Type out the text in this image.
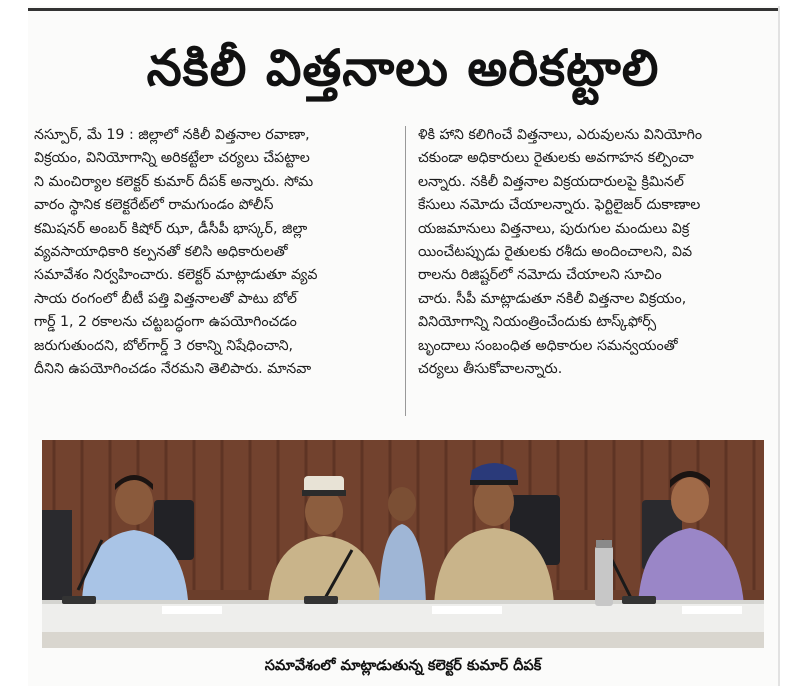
నకిలీ విత్తనాలు అరికట్టాలి
నస్పూర్, మే 19 : జిల్లాలో నకిలీ విత్తనాల రవాణా,
విక్రయం, వినియోగాన్ని అరికట్టేలా చర్యలు చేపట్టాల
ని మంచిర్యాల కలెక్టర్ కుమార్ దీపక్ అన్నారు. సోమ
వారం స్థానిక కలెక్టరేట్‌లో రామగుండం పోలీస్
కమిషనర్ అంబర్ కిషోర్ ఝా, డీసీపీ భాస్కర్, జిల్లా
వ్యవసాయాధికారి కల్పనతో కలిసి అధికారులతో
సమావేశం నిర్వహించారు. కలెక్టర్ మాట్లాడుతూ వ్యవ
సాయ రంగంలో బీటీ పత్తి విత్తనాలతో పాటు బోల్
గార్డ్ 1, 2 రకాలను చట్టబద్ధంగా ఉపయోగించడం
జరుగుతుందని, బోల్‌గార్డ్ 3 రకాన్ని నిషేధించాని,
దీనిని ఉపయోగించడం నేరమని తెలిపారు. మానవా
ళికి హాని కలిగించే విత్తనాలు, ఎరువులను వినియోగిం
చకుండా అధికారులు రైతులకు అవగాహన కల్పించా
లన్నారు. నకిలీ విత్తనాల విక్రయదారులపై క్రిమినల్
కేసులు నమోదు చేయాలన్నారు. ఫెర్టిలైజర్ దుకాణాల
యజమానులు విత్తనాలు, పురుగుల మందులు విక్ర
యించేటప్పుడు రైతులకు రశీదు అందించాలని, వివ
రాలను రిజిష్టర్‌లో నమోదు చేయాలని సూచిం
చారు. సీపీ మాట్లాడుతూ నకిలీ విత్తనాల విక్రయం,
వినియోగాన్ని నియంత్రించేందుకు టాస్క్‌ఫోర్స్
బృందాలు సంబంధిత అధికారుల సమన్వయంతో
చర్యలు తీసుకోవాలన్నారు.
సమావేశంలో మాట్లాడుతున్న కలెక్టర్ కుమార్ దీపక్
